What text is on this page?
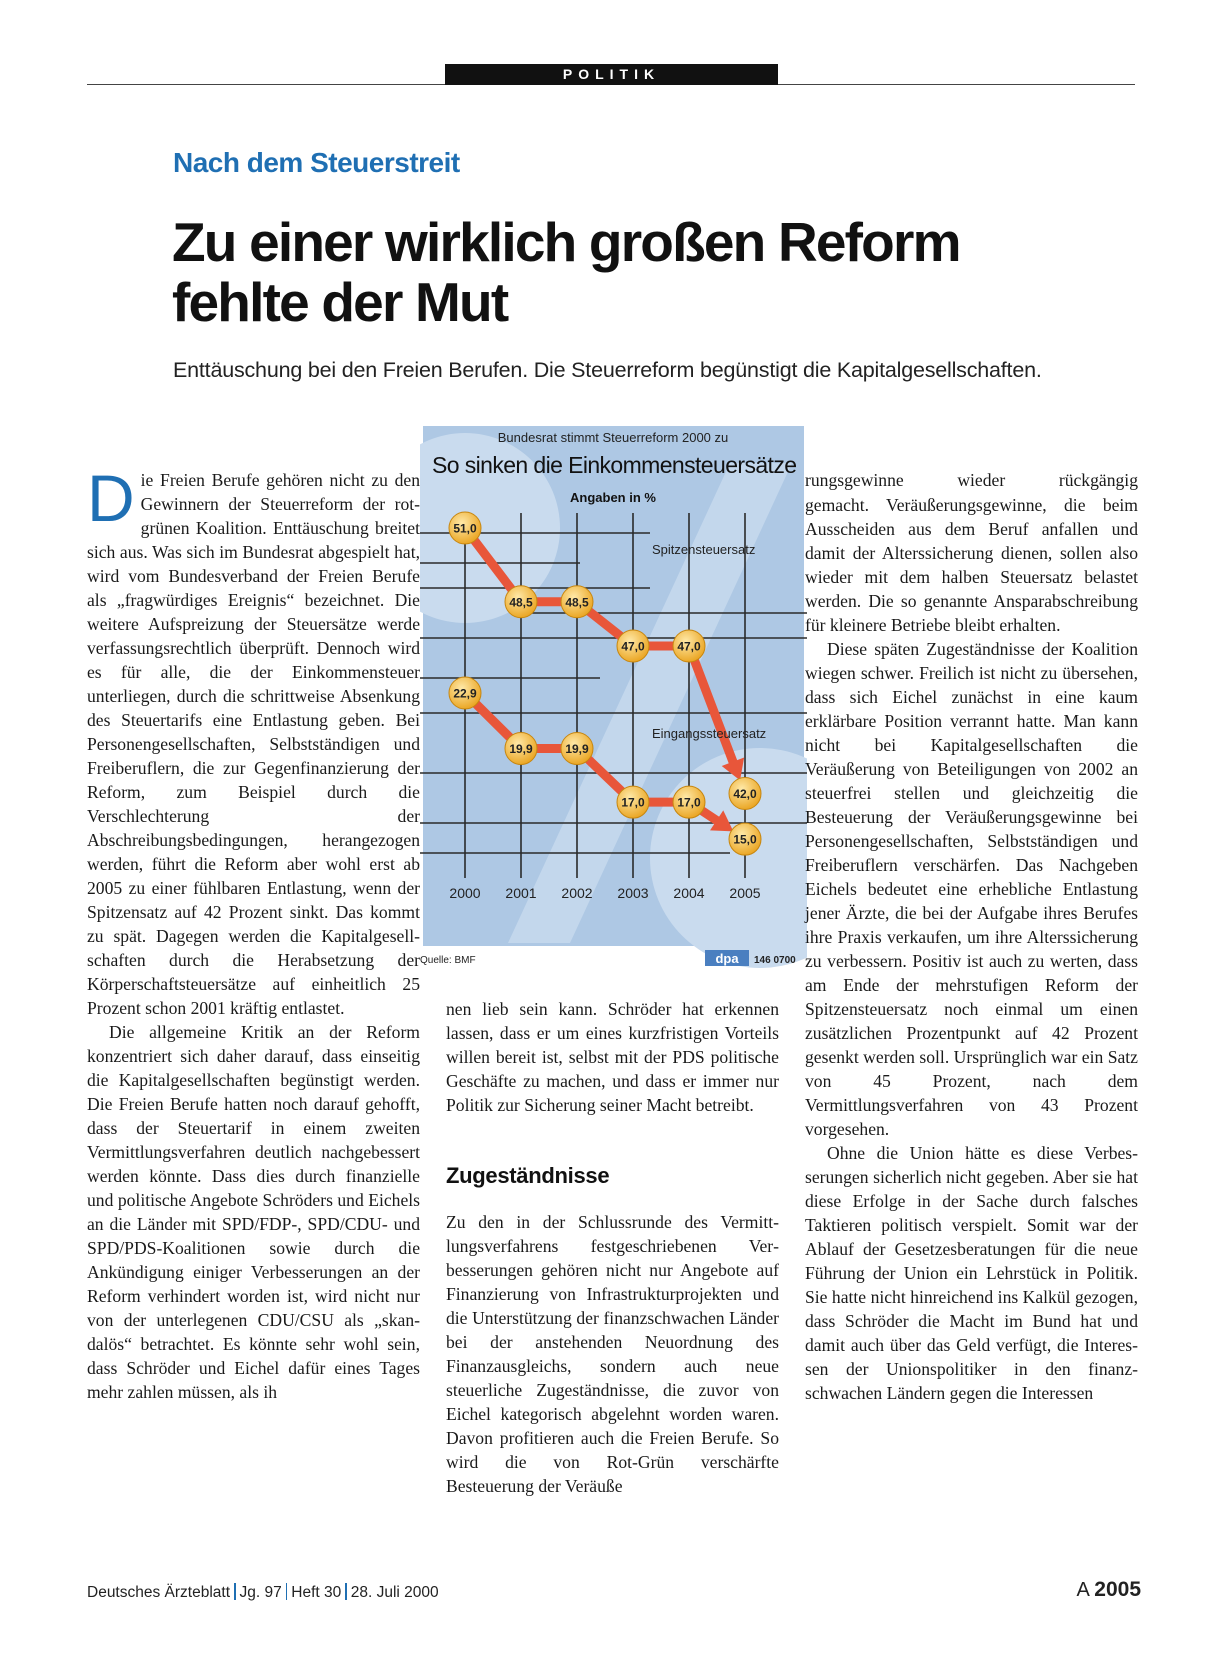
POLITIK
Nach dem Steuerstreit
Zu einer wirklich großen Reform
fehlte der Mut

Enttäuschung bei den Freien Berufen. Die Steuerreform begünstigt die Kapitalgesellschaften.

Die Freien Berufe gehören nicht zu den Gewinnern der Steuerreform der rot-grünen Koalition. Enttäuschung breitet sich aus. Was sich im Bundesrat abgespielt hat, wird vom Bundesverband der Freien Berufe als „fragwürdiges Ereignis“ bezeichnet. Die weitere Aufspreizung der Steuersätze werde verfassungsrechtlich überprüft. Dennoch wird es für alle, die der Einkommensteuer unterliegen, durch die schrittweise Absenkung des Steuertarifs eine Entlastung geben. Bei Personengesellschaften, Selbstständigen und Freiberuflern, die zur Gegenfinanzierung der Reform, zum Beispiel durch die Verschlechterung der Abschreibungsbedingungen, herangezogen werden, führt die Reform aber wohl erst ab 2005 zu einer fühlbaren Entlastung, wenn der Spitzensatz auf 42 Prozent sinkt. Das kommt zu spät. Dagegen werden die Kapitalgesellschaften durch die Herabsetzung der Körperschaftsteuersätze auf einheitlich 25 Prozent schon 2001 kräftig entlastet.

Die allgemeine Kritik an der Reform konzentriert sich daher darauf, dass einseitig die Kapitalgesellschaften begünstigt werden. Die Freien Berufe hatten noch darauf gehofft, dass der Steuertarif in einem zweiten Vermittlungsverfahren deutlich nachgebessert werden könnte. Dass dies durch finanzielle und politische Angebote Schröders und Eichels an die Länder mit SPD/FDP-, SPD/CDU- und SPD/PDS-Koalitionen sowie durch die Ankündigung einiger Verbesserungen an der Reform verhindert worden ist, wird nicht nur von der unterlegenen CDU/CSU als „skandalös“ betrachtet. Es könnte sehr wohl sein, dass Schröder und Eichel dafür eines Tages mehr zahlen müssen, als ih

Bundesrat stimmt Steuerreform 2000 zu
So sinken die Einkommensteuersätze
Angaben in %
51,0
48,5	48,5
47,0	47,0
42,0
22,9
19,9	19,9
17,0	17,0
15,0
2000 2001 2002 2003 2004 2005
Spitzensteuersatz
Eingangssteuersatz
Quelle: BMF	dpa 146 0700

nen lieb sein kann. Schröder hat erkennen lassen, dass er um eines kurzfristigen Vorteils willen bereit ist, selbst mit der PDS politische Geschäfte zu machen, und dass er immer nur Politik zur Sicherung seiner Macht betreibt.

Zugeständnisse

Zu den in der Schlussrunde des Vermittlungsverfahrens festgeschriebenen Verbesserungen gehören nicht nur Angebote auf Finanzierung von Infrastrukturprojekten und die Unterstützung der finanzschwachen Länder bei der anstehenden Neuordnung des Finanzausgleichs, sondern auch neue steuerliche Zugeständnisse, die zuvor von Eichel kategorisch abgelehnt worden waren. Davon profitieren auch die Freien Berufe. So wird die von Rot-Grün verschärfte Besteuerung der Veräuße

rungsgewinne wieder rückgängig

gemacht. Veräußerungsgewinne, die beim Ausscheiden aus dem Beruf anfallen und damit der Alterssicherung dienen, sollen also wieder mit dem halben Steuersatz belastet werden. Die so genannte Ansparabschreibung für kleinere Betriebe bleibt erhalten.

Diese späten Zugeständnisse der Koalition wiegen schwer. Freilich ist nicht zu übersehen, dass sich Eichel zunächst in eine kaum erklärbare Position verrannt hatte. Man kann nicht bei Kapitalgesellschaften die Veräußerung von Beteiligungen von 2002 an steuerfrei stellen und gleichzeitig die Besteuerung der Veräußerungsgewinne bei Personengesellschaften, Selbstständigen und Freiberuflern verschärfen. Das Nachgeben Eichels bedeutet eine erhebliche Entlastung jener Ärzte, die bei der Aufgabe ihres Berufes ihre Praxis verkaufen, um ihre Alterssicherung zu verbessern. Positiv ist auch zu werten, dass am Ende der mehrstufigen Reform der Spitzensteuersatz noch einmal um einen zusätzlichen Prozentpunkt auf 42 Prozent gesenkt werden soll. Ursprünglich war ein Satz von 45 Prozent, nach dem Vermittlungsverfahren von 43 Prozent vorgesehen.

Ohne die Union hätte es diese Verbesserungen sicherlich nicht gegeben. Aber sie hat diese Erfolge in der Sache durch falsches Taktieren politisch verspielt. Somit war der Ablauf der Gesetzesberatungen für die neue Führung der Union ein Lehrstück in Politik. Sie hatte nicht hinreichend ins Kalkül gezogen, dass Schröder die Macht im Bund hat und damit auch über das Geld verfügt, die Interessen der Unionspolitiker in den finanzschwachen Ländern gegen die Interessen

Deutsches Ärzteblatt Jg. 97 Heft 30 28. Juli 2000	A 2005
